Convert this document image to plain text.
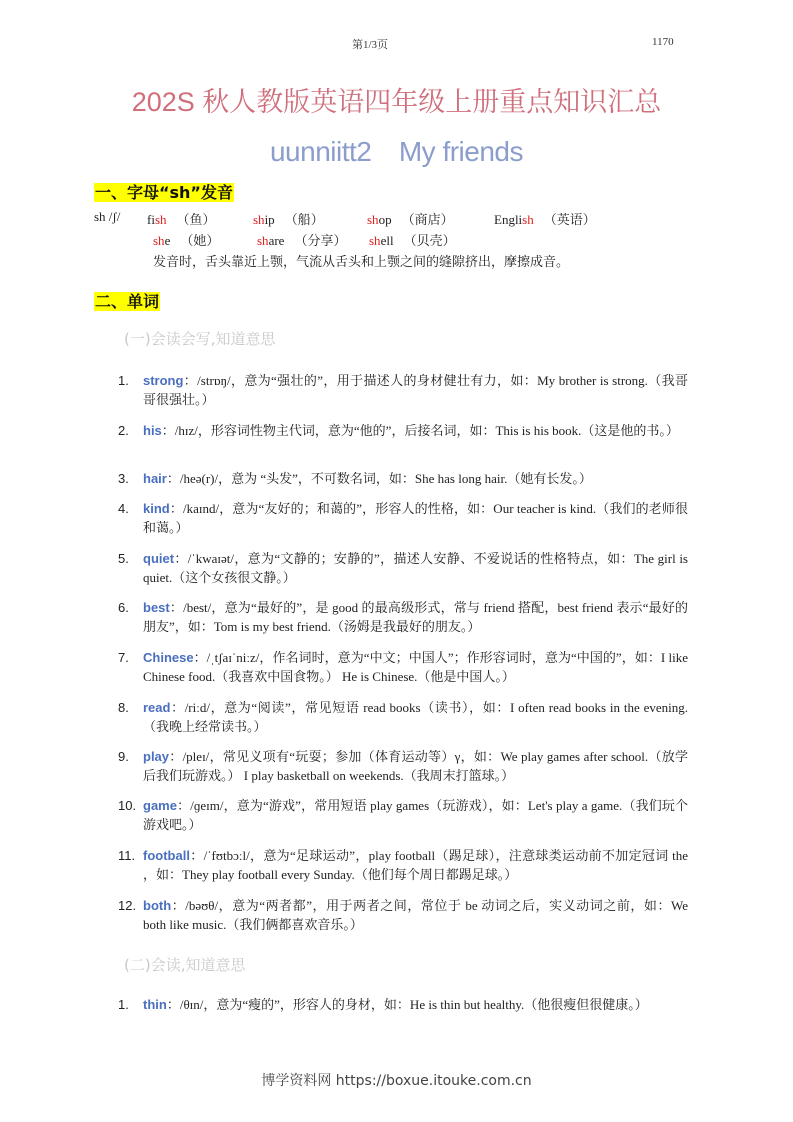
第1/3页	1170
202S 秋人教版英语四年级上册重点知识汇总
uunniitt2　My friends
一、字母“sh”发音
sh /ʃ/ fish （鱼）	ship （船）	shop （商店）	English （英语）
she （她）	share （分享） shell （贝壳）
发音时，舌头靠近上颚，气流从舌头和上颚之间的缝隙挤出，摩擦成音。
二、单词
(一)会读会写,知道意思
1. strong：/strɒŋ/，意为“强壮的”，用于描述人的身材健壮有力，如：My brother is strong.（我哥哥很强壮。）
2. his：/hɪz/，形容词性物主代词，意为“他的”，后接名词，如：This is his book.（这是他的书。）
3. hair：/heə(r)/，意为 “头发”，不可数名词，如：She has long hair.（她有长发。）
4. kind：/kaɪnd/，意为“友好的；和蔼的”，形容人的性格，如：Our teacher is kind.（我们的老师很和蔼。）
5. quiet：/ˈkwaɪət/，意为“文静的；安静的”，描述人安静、不爱说话的性格特点，如：The girl is quiet.（这个女孩很文静。）
6. best：/best/，意为“最好的”，是 good 的最高级形式，常与 friend 搭配，best friend 表示“最好的朋友”，如：Tom is my best friend.（汤姆是我最好的朋友。）
7. Chinese：/ˌtʃaɪˈniːz/，作名词时，意为“中文；中国人”；作形容词时，意为“中国的”，如：I like Chinese food.（我喜欢中国食物。） He is Chinese.（他是中国人。）
8. read：/riːd/，意为“阅读”，常见短语 read books（读书），如：I often read books in the evening.（我晚上经常读书。）
9. play：/pleɪ/，常见义项有“玩耍；参加（体育运动等）γ，如：We play games after school.（放学后我们玩游戏。） I play basketball on weekends.（我周末打篮球。）
10. game：/ɡeɪm/，意为“游戏”，常用短语 play games（玩游戏），如：Let's play a game.（我们玩个游戏吧。）
11. football：/ˈfʊtbɔːl/，意为“足球运动”，play football（踢足球），注意球类运动前不加定冠词 the ，如：They play football every Sunday.（他们每个周日都踢足球。）
12. both：/bəʊθ/，意为“两者都”，用于两者之间，常位于 be 动词之后，实义动词之前，如：We both like music.（我们俩都喜欢音乐。）
(二)会读,知道意思
1. thin：/θɪn/，意为“瘦的”，形容人的身材，如：He is thin but healthy.（他很瘦但很健康。）
博学资料网 https://boxue.itouke.com.cn
